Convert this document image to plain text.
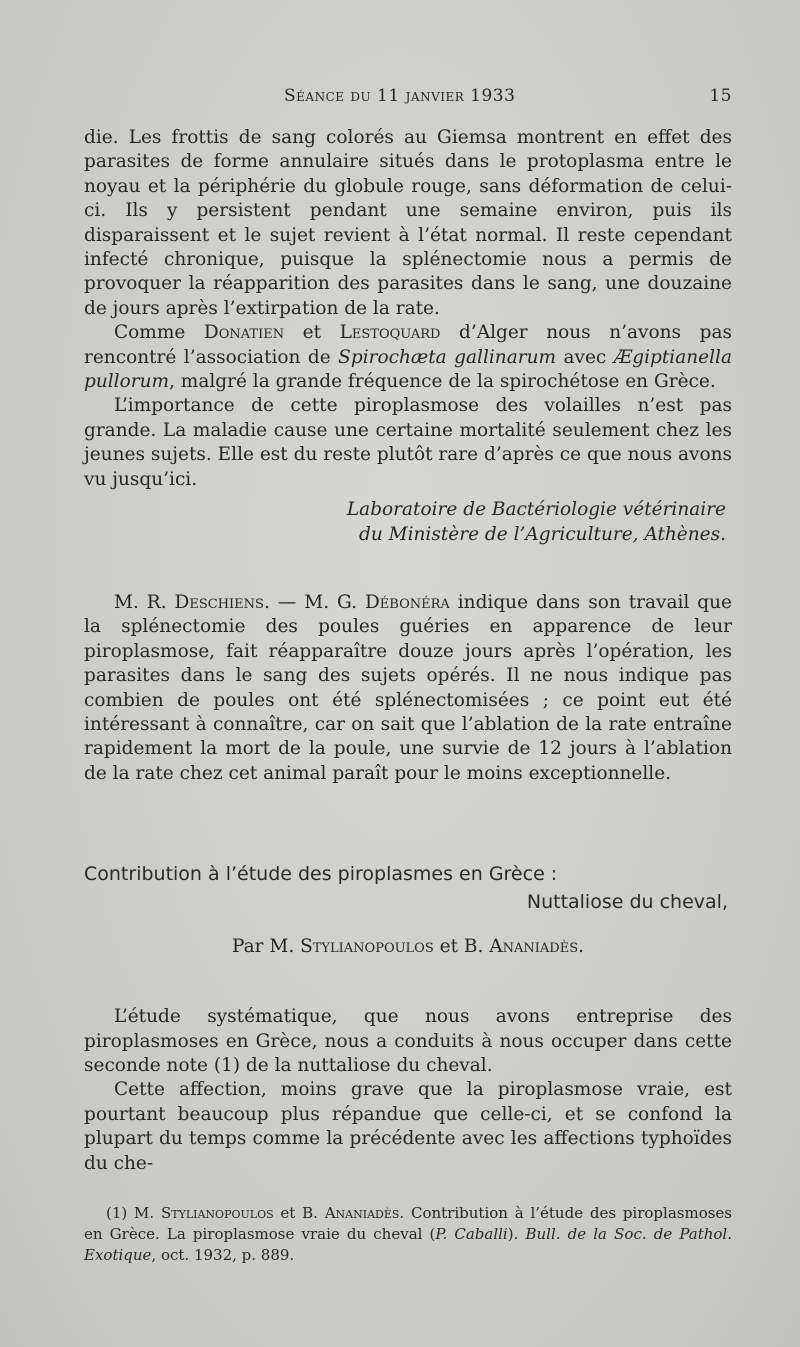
Séance du 11 janvier 1933	15

die. Les frottis de sang colorés au Giemsa montrent en effet des parasites de forme annulaire situés dans le protoplasma entre le noyau et la périphérie du globule rouge, sans déformation de celui-ci. Ils y persistent pendant une semaine environ, puis ils disparaissent et le sujet revient à l’état normal. Il reste cependant infecté chronique, puisque la splénectomie nous a permis de provoquer la réapparition des parasites dans le sang, une douzaine de jours après l’extirpation de la rate.

Comme Donatien et Lestoquard d’Alger nous n’avons pas rencontré l’association de Spirochæta gallinarum avec Ægiptianella pullorum, malgré la grande fréquence de la spirochétose en Grèce.

L’importance de cette piroplasmose des volailles n’est pas grande. La maladie cause une certaine mortalité seulement chez les jeunes sujets. Elle est du reste plutôt rare d’après ce que nous avons vu jusqu’ici.

Laboratoire de Bactériologie vétérinaire
du Ministère de l’Agriculture, Athènes.

M. R. Deschiens. — M. G. Débonéra indique dans son travail que la splénectomie des poules guéries en apparence de leur piroplasmose, fait réapparaître douze jours après l’opération, les parasites dans le sang des sujets opérés. Il ne nous indique pas combien de poules ont été splénectomisées ; ce point eut été intéressant à connaître, car on sait que l’ablation de la rate entraîne rapidement la mort de la poule, une survie de 12 jours à l’ablation de la rate chez cet animal paraît pour le moins exceptionnelle.

Contribution à l’étude des piroplasmes en Grèce :
Nuttaliose du cheval,
Par M. Stylianopoulos et B. Ananiadès.

L’étude systématique, que nous avons entreprise des piroplasmoses en Grèce, nous a conduits à nous occuper dans cette seconde note (1) de la nuttaliose du cheval.

Cette affection, moins grave que la piroplasmose vraie, est pourtant beaucoup plus répandue que celle-ci, et se confond la plupart du temps comme la précédente avec les affections typhoïdes du che-

(1) M. Stylianopoulos et B. Ananiadès. Contribution à l’étude des piroplasmoses en Grèce. La piroplasmose vraie du cheval (P. Caballi). Bull. de la Soc. de Pathol. Exotique, oct. 1932, p. 889.
